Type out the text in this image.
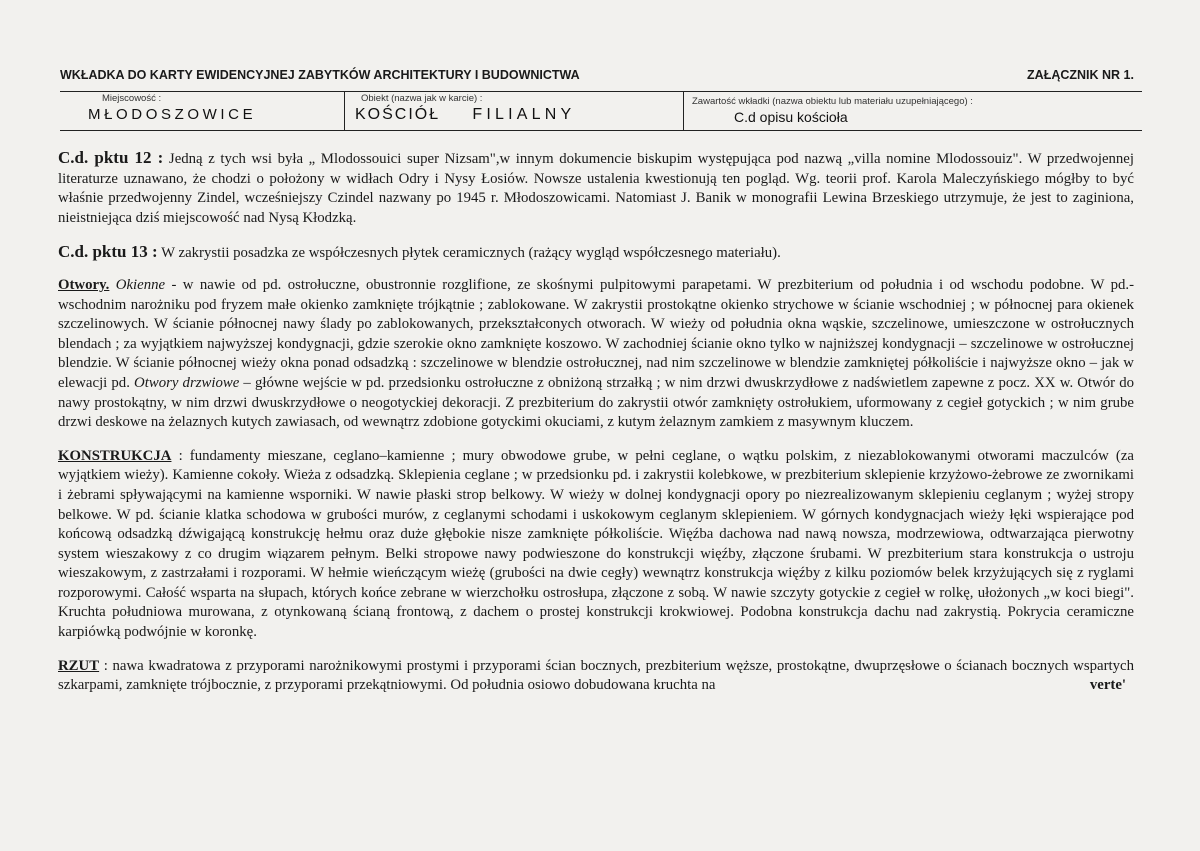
WKŁADKA DO KARTY EWIDENCYJNEJ ZABYTKÓW ARCHITEKTURY I BUDOWNICTWA	ZAŁĄCZNIK NR 1.
Miejscowość :
MŁODOSZOWICE
Obiekt (nazwa jak w karcie) :
KOŚCIÓŁ FILIALNY
Zawartość wkładki (nazwa obiektu lub materiału uzupełniającego) :
C.d opisu kościoła

C.d. pktu 12 : Jedną z tych wsi była „ Mlodossouici super Nizsam",w innym dokumencie biskupim występująca pod nazwą „villa nomine Mlodossouiz". W przedwojennej literaturze uznawano, że chodzi o położony w widłach Odry i Nysy Łosiów. Nowsze ustalenia kwestionują ten pogląd. Wg. teorii prof. Karola Maleczyńskiego mógłby to być właśnie przedwojenny Zindel, wcześniejszy Czindel nazwany po 1945 r. Młodoszowicami. Natomiast J. Banik w monografii Lewina Brzeskiego utrzymuje, że jest to zaginiona, nieistniejąca dziś miejscowość nad Nysą Kłodzką.

C.d. pktu 13 : W zakrystii posadzka ze współczesnych płytek ceramicznych (rażący wygląd współczesnego materiału).

Otwory. Okienne - w nawie od pd. ostrołuczne, obustronnie rozglifione, ze skośnymi pulpitowymi parapetami. W prezbiterium od południa i od wschodu podobne. W pd.-wschodnim narożniku pod fryzem małe okienko zamknięte trójkątnie ; zablokowane. W zakrystii prostokątne okienko strychowe w ścianie wschodniej ; w północnej para okienek szczelinowych. W ścianie północnej nawy ślady po zablokowanych, przekształconych otworach. W wieży od południa okna wąskie, szczelinowe, umieszczone w ostrołucznych blendach ; za wyjątkiem najwyższej kondygnacji, gdzie szerokie okno zamknięte koszowo. W zachodniej ścianie okno tylko w najniższej kondygnacji – szczelinowe w ostrołucznej blendzie. W ścianie północnej wieży okna ponad odsadzką : szczelinowe w blendzie ostrołucznej, nad nim szczelinowe w blendzie zamkniętej półkoliście i najwyższe okno – jak w elewacji pd. Otwory drzwiowe – główne wejście w pd. przedsionku ostrołuczne z obniżoną strzałką ; w nim drzwi dwuskrzydłowe z nadświetlem zapewne z pocz. XX w. Otwór do nawy prostokątny, w nim drzwi dwuskrzydłowe o neogotyckiej dekoracji. Z prezbiterium do zakrystii otwór zamknięty ostrołukiem, uformowany z cegieł gotyckich ; w nim grube drzwi deskowe na żelaznych kutych zawiasach, od wewnątrz zdobione gotyckimi okuciami, z kutym żelaznym zamkiem z masywnym kluczem.

KONSTRUKCJA : fundamenty mieszane, ceglano–kamienne ; mury obwodowe grube, w pełni ceglane, o wątku polskim, z niezablokowanymi otworami maczulców (za wyjątkiem wieży). Kamienne cokoły. Wieża z odsadzką. Sklepienia ceglane ; w przedsionku pd. i zakrystii kolebkowe, w prezbiterium sklepienie krzyżowo-żebrowe ze zwornikami i żebrami spływającymi na kamienne wsporniki. W nawie płaski strop belkowy. W wieży w dolnej kondygnacji opory po niezrealizowanym sklepieniu ceglanym ; wyżej stropy belkowe. W pd. ścianie klatka schodowa w grubości murów, z ceglanymi schodami i uskokowym ceglanym sklepieniem. W górnych kondygnacjach wieży łęki wspierające pod końcową odsadzką dźwigającą konstrukcję hełmu oraz duże głębokie nisze zamknięte półkoliście. Więźba dachowa nad nawą nowsza, modrzewiowa, odtwarzająca pierwotny system wieszakowy z co drugim wiązarem pełnym. Belki stropowe nawy podwieszone do konstrukcji więźby, złączone śrubami. W prezbiterium stara konstrukcja o ustroju wieszakowym, z zastrzałami i rozporami. W hełmie wieńczącym wieżę (grubości na dwie cegły) wewnątrz konstrukcja więźby z kilku poziomów belek krzyżujących się z ryglami rozporowymi. Całość wsparta na słupach, których końce zebrane w wierzchołku ostrosłupa, złączone z sobą. W nawie szczyty gotyckie z cegieł w rolkę, ułożonych „w koci biegi". Kruchta południowa murowana, z otynkowaną ścianą frontową, z dachem o prostej konstrukcji krokwiowej. Podobna konstrukcja dachu nad zakrystią. Pokrycia ceramiczne karpiówką podwójnie w koronkę.

RZUT : nawa kwadratowa z przyporami narożnikowymi prostymi i przyporami ścian bocznych, prezbiterium węższe, prostokątne, dwuprzęsłowe o ścianach bocznych wspartych szkarpami, zamknięte trójbocznie, z przyporami przekątniowymi. Od południa osiowo dobudowana kruchta na	verte'
